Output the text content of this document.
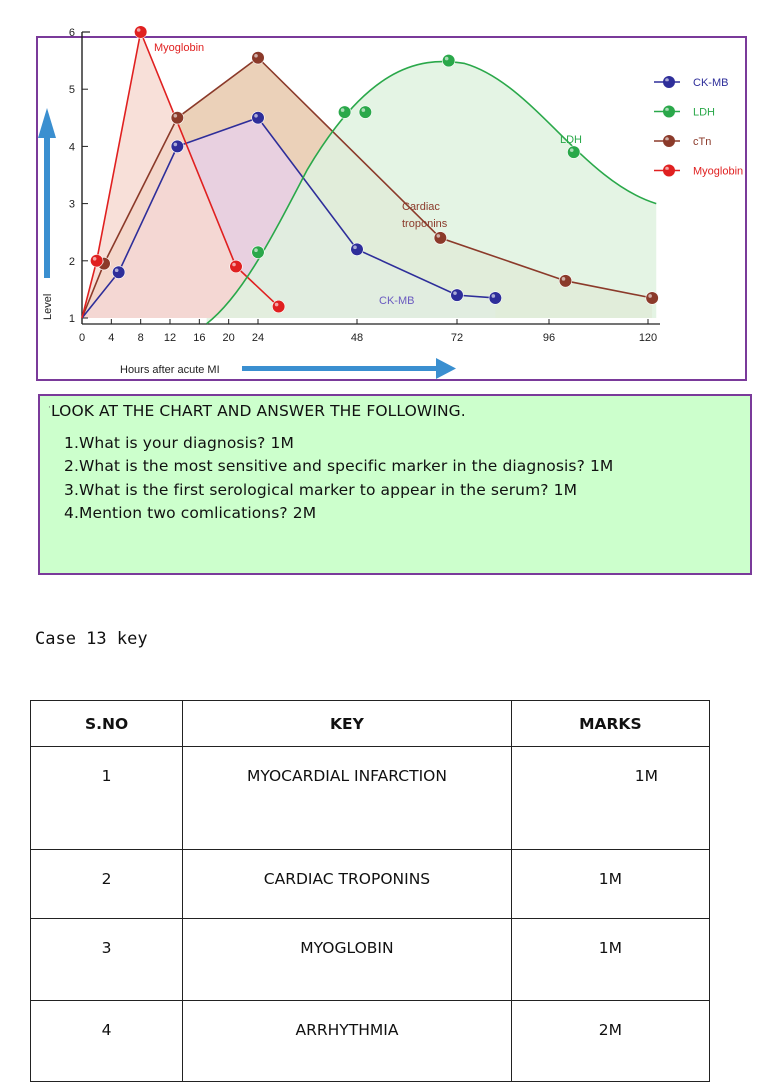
1
2
3
4
5
6
0 4 8 12 16 20 24	48	72	96	120
Level
Hours after acute MI
Myoglobin
Cardiac
troponins
LDH
CK-MB
CK-MB
LDH
cTn
Myoglobin
·LOOK AT THE CHART AND ANSWER THE FOLLOWING.
1.What is your diagnosis? 1M
2.What is the most sensitive and specific marker in the diagnosis? 1M
3.What is the first serological marker to appear in the serum? 1M
4.Mention two comlications? 2M
Case 13 key
S.NO	KEY	MARKS
1	MYOCARDIAL INFARCTION	1M
2	CARDIAC TROPONINS	1M
3	MYOGLOBIN	1M
4	ARRHYTHMIA	2M
